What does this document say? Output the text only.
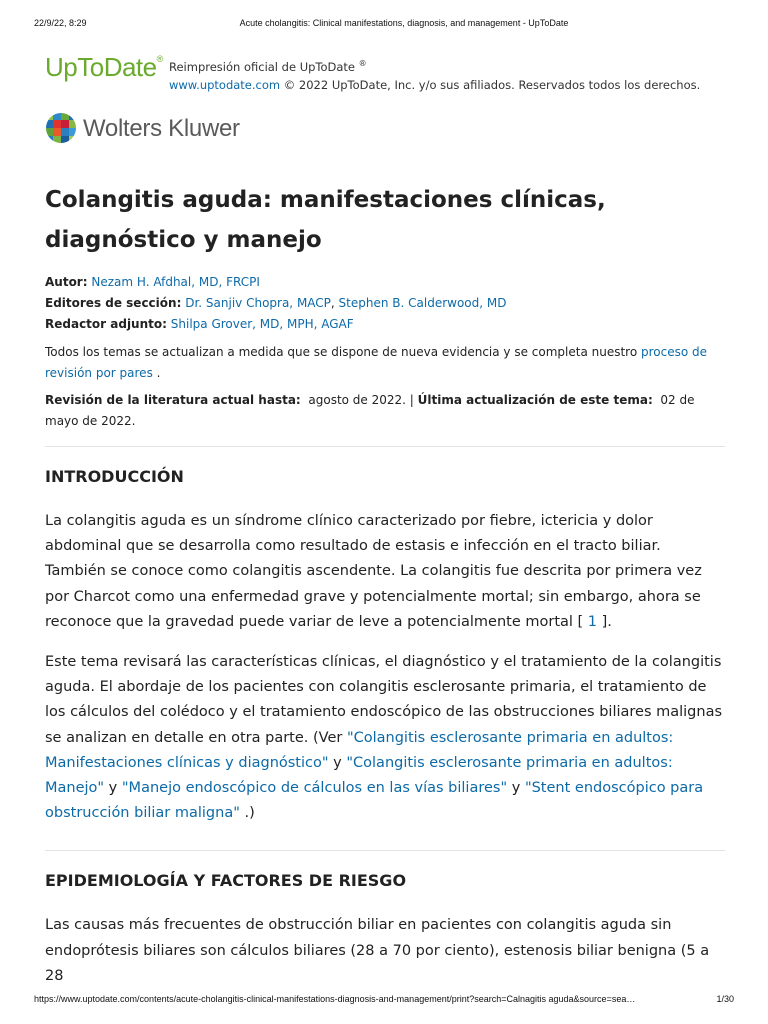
22/9/22, 8:29	Acute cholangitis: Clinical manifestations, diagnosis, and management - UpToDate
UpToDate®
Reimpresión oficial de UpToDate ®
www.uptodate.com © 2022 UpToDate, Inc. y/o sus afiliados. Reservados todos los derechos.
Wolters Kluwer
Colangitis aguda: manifestaciones clínicas, diagnóstico y manejo
Autor: Nezam H. Afdhal, MD, FRCPI
Editores de sección: Dr. Sanjiv Chopra, MACP, Stephen B. Calderwood, MD
Redactor adjunto: Shilpa Grover, MD, MPH, AGAF
Todos los temas se actualizan a medida que se dispone de nueva evidencia y se completa nuestro proceso de revisión por pares .
Revisión de la literatura actual hasta: agosto de 2022. | Última actualización de este tema: 02 de mayo de 2022.
INTRODUCCIÓN

La colangitis aguda es un síndrome clínico caracterizado por fiebre, ictericia y dolor abdominal que se desarrolla como resultado de estasis e infección en el tracto biliar. También se conoce como colangitis ascendente. La colangitis fue descrita por primera vez por Charcot como una enfermedad grave y potencialmente mortal; sin embargo, ahora se reconoce que la gravedad puede variar de leve a potencialmente mortal [ 1 ].

Este tema revisará las características clínicas, el diagnóstico y el tratamiento de la colangitis aguda. El abordaje de los pacientes con colangitis esclerosante primaria, el tratamiento de los cálculos del colédoco y el tratamiento endoscópico de las obstrucciones biliares malignas se analizan en detalle en otra parte. (Ver "Colangitis esclerosante primaria en adultos: Manifestaciones clínicas y diagnóstico" y "Colangitis esclerosante primaria en adultos: Manejo" y "Manejo endoscópico de cálculos en las vías biliares" y "Stent endoscópico para obstrucción biliar maligna" .)

EPIDEMIOLOGÍA Y FACTORES DE RIESGO

Las causas más frecuentes de obstrucción biliar en pacientes con colangitis aguda sin endoprótesis biliares son cálculos biliares (28 a 70 por ciento), estenosis biliar benigna (5 a 28

https://www.uptodate.com/contents/acute-cholangitis-clinical-manifestations-diagnosis-and-management/print?search=Calnagitis aguda&source=sea…	1/30
